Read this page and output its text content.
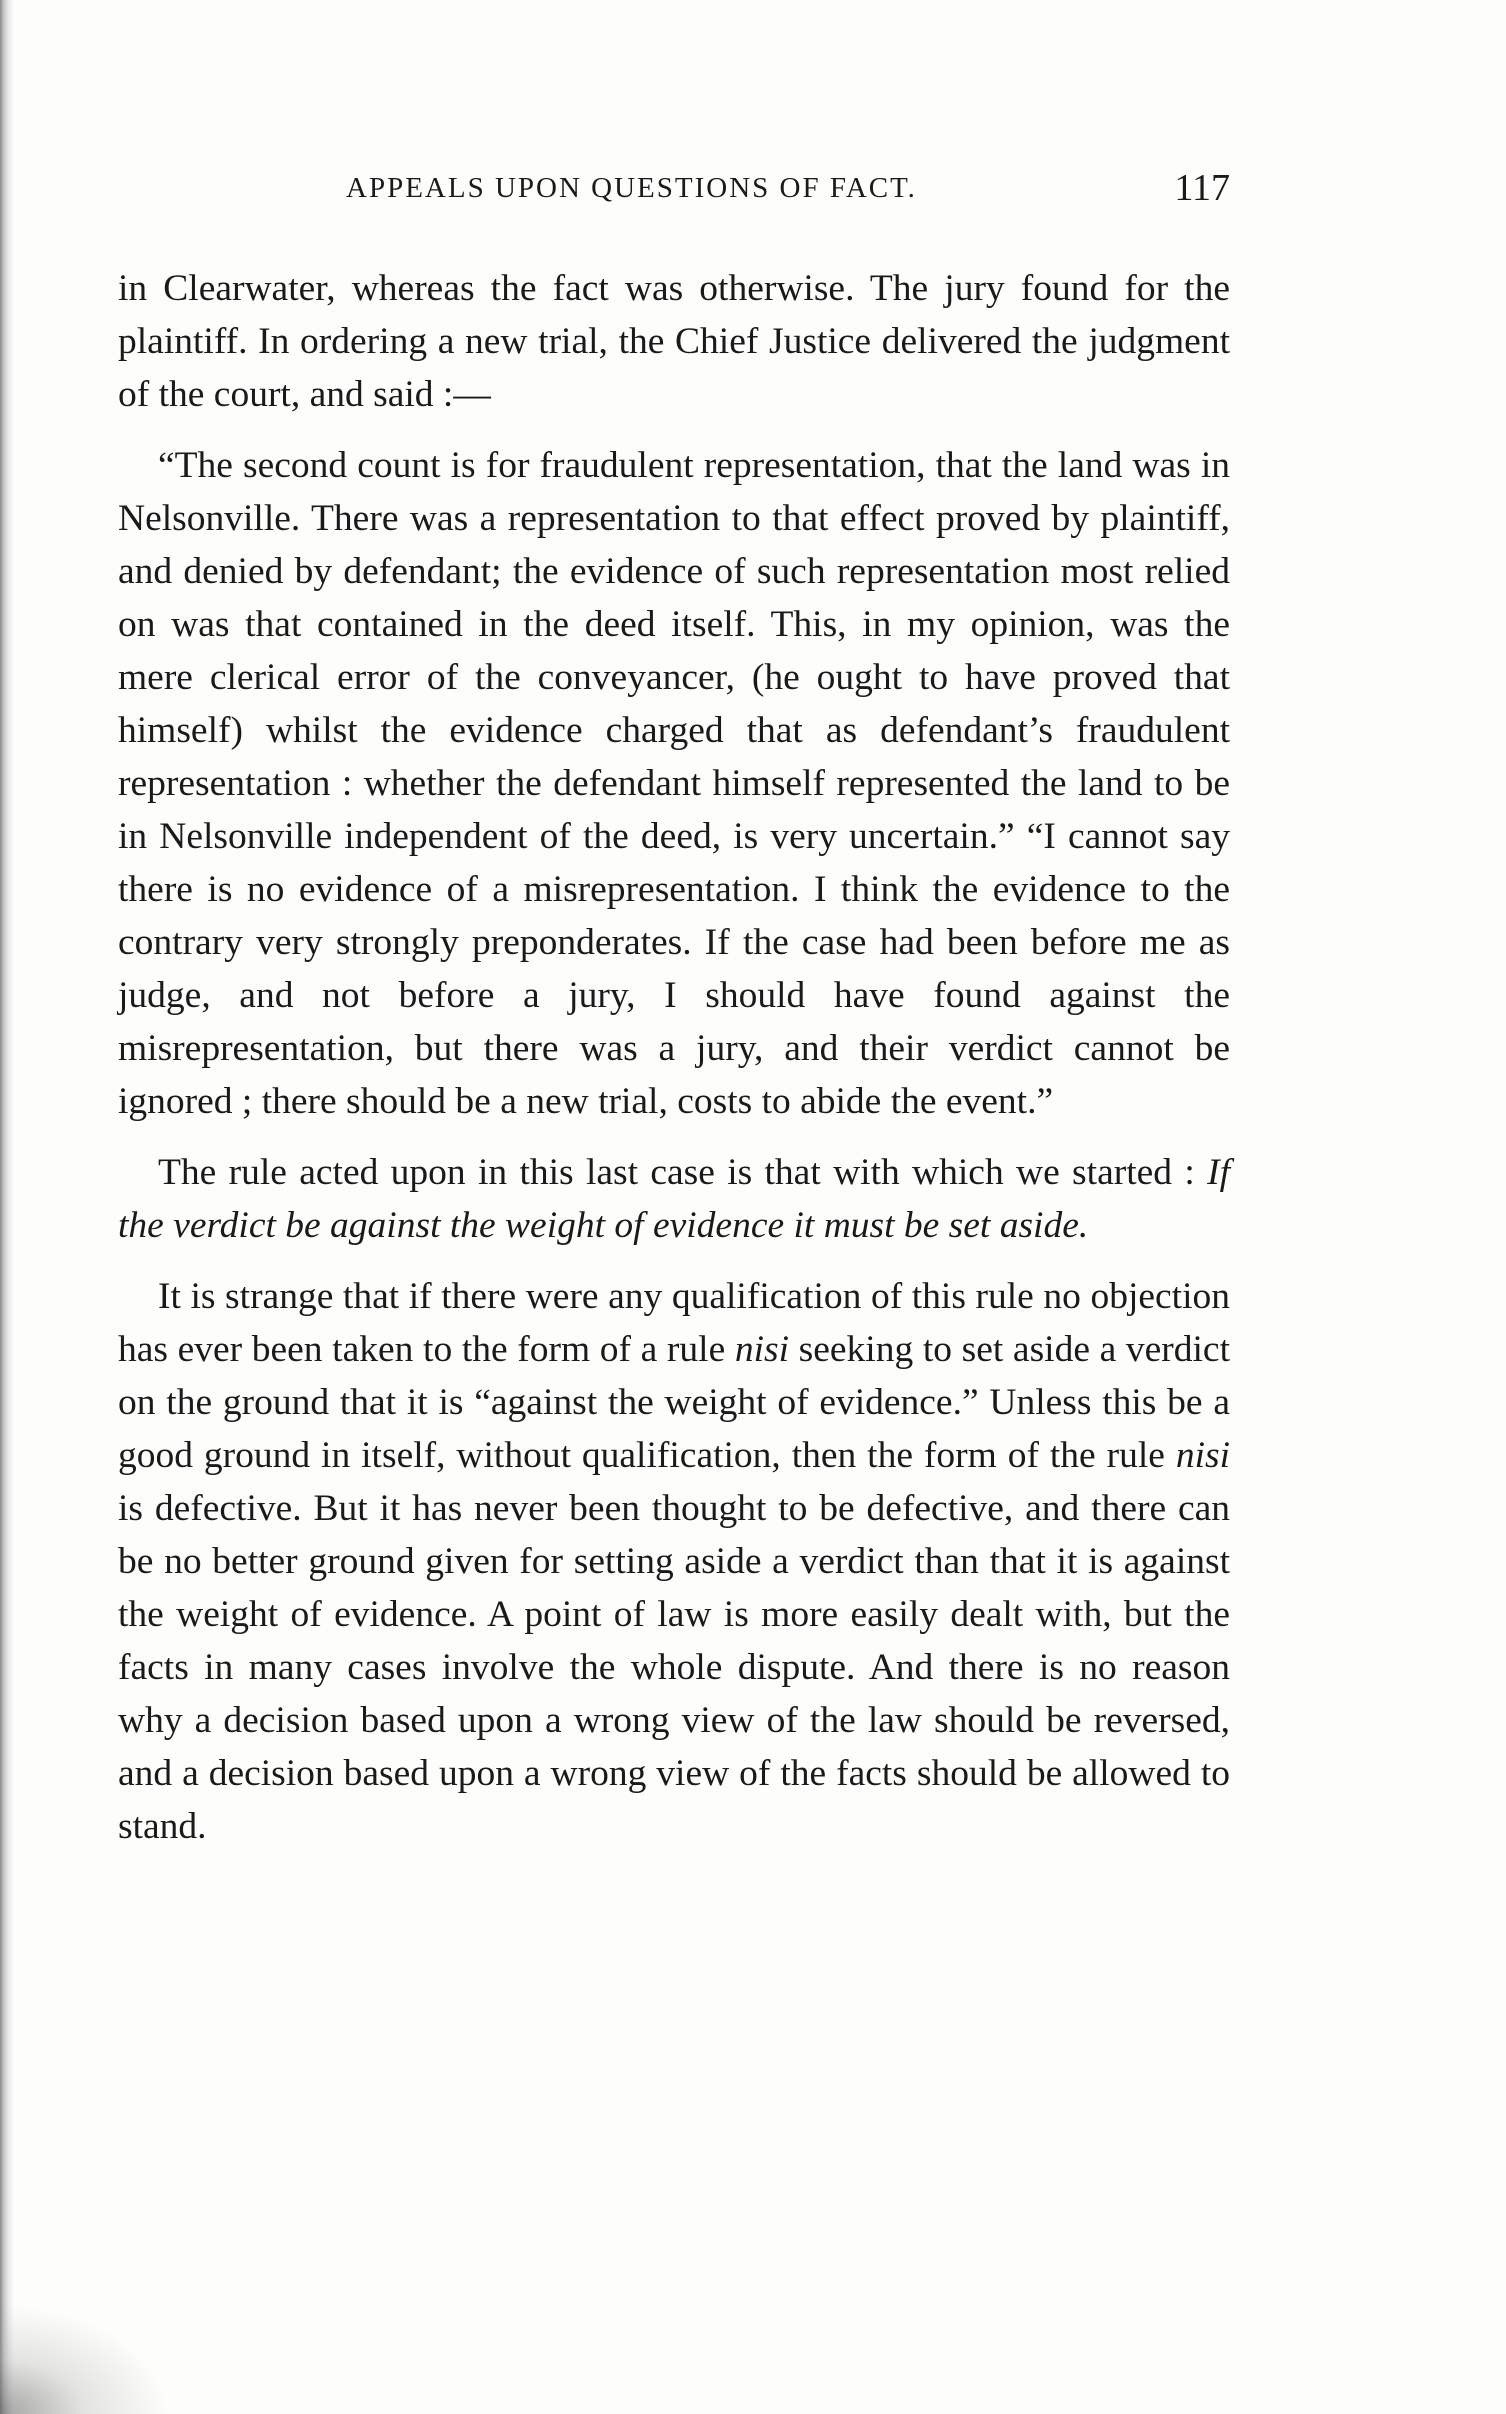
APPEALS UPON QUESTIONS OF FACT.	117

in Clearwater, whereas the fact was otherwise. The jury found for the plaintiff. In ordering a new trial, the Chief Justice delivered the judgment of the court, and said :—

“The second count is for fraudulent representation, that the land was in Nelsonville. There was a representation to that effect proved by plaintiff, and denied by defendant; the evidence of such representation most relied on was that contained in the deed itself. This, in my opinion, was the mere clerical error of the conveyancer, (he ought to have proved that himself) whilst the evidence charged that as defendant’s fraudulent representation : whether the defendant himself represented the land to be in Nelsonville independent of the deed, is very uncertain.” “I cannot say there is no evidence of a misrepresentation. I think the evidence to the contrary very strongly preponderates. If the case had been before me as judge, and not before a jury, I should have found against the misrepresentation, but there was a jury, and their verdict cannot be ignored ; there should be a new trial, costs to abide the event.”

The rule acted upon in this last case is that with which we started : If the verdict be against the weight of evidence it must be set aside.

It is strange that if there were any qualification of this rule no objection has ever been taken to the form of a rule nisi seeking to set aside a verdict on the ground that it is “against the weight of evidence.” Unless this be a good ground in itself, without qualification, then the form of the rule nisi is defective. But it has never been thought to be defective, and there can be no better ground given for setting aside a verdict than that it is against the weight of evidence. A point of law is more easily dealt with, but the facts in many cases involve the whole dispute. And there is no reason why a decision based upon a wrong view of the law should be reversed, and a decision based upon a wrong view of the facts should be allowed to stand.
